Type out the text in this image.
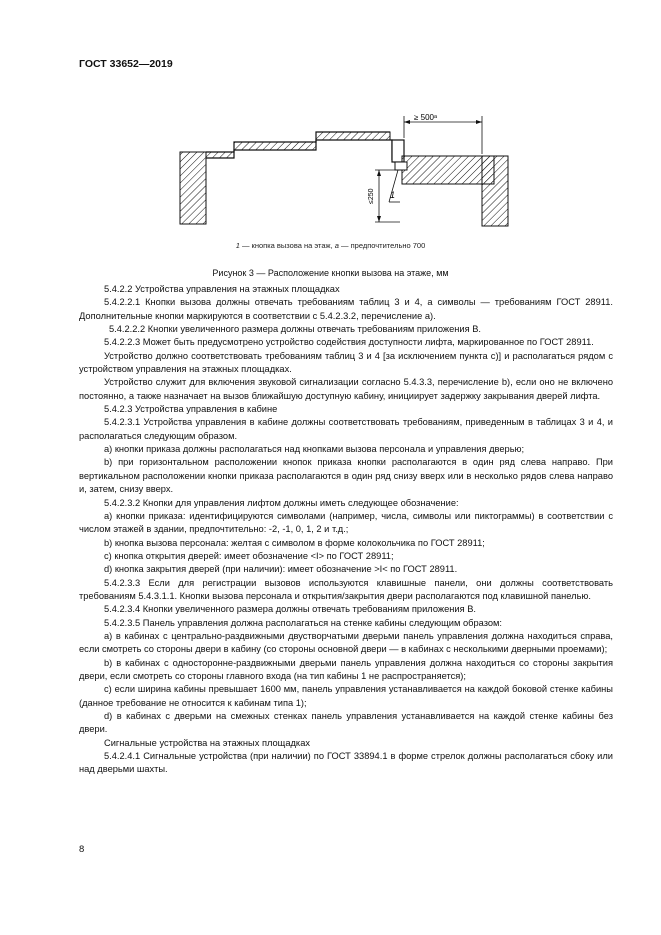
ГОСТ 33652—2019
≥ 500ᵃ
≤250 1
1 — кнопка вызова на этаж, a — предпочтительно 700
Рисунок 3 — Расположение кнопки вызова на этаже, мм

5.4.2.2 Устройства управления на этажных площадках

5.4.2.2.1 Кнопки вызова должны отвечать требованиям таблиц 3 и 4, а символы — требованиям ГОСТ 28911. Дополнительные кнопки маркируются в соответствии с 5.4.2.3.2, перечисление а).

5.4.2.2.2 Кнопки увеличенного размера должны отвечать требованиям приложения В.

5.4.2.2.3 Может быть предусмотрено устройство содействия доступности лифта, маркированное по ГОСТ 28911.

Устройство должно соответствовать требованиям таблиц 3 и 4 [за исключением пункта с)] и располагаться рядом с устройством управления на этажных площадках.

Устройство служит для включения звуковой сигнализации согласно 5.4.3.3, перечисление b), если оно не включено постоянно, а также назначает на вызов ближайшую доступную кабину, инициирует задержку закрывания дверей лифта.

5.4.2.3 Устройства управления в кабине

5.4.2.3.1 Устройства управления в кабине должны соответствовать требованиям, приведенным в таблицах 3 и 4, и располагаться следующим образом.

а) кнопки приказа должны располагаться над кнопками вызова персонала и управления дверью;

b) при горизонтальном расположении кнопок приказа кнопки располагаются в один ряд слева направо. При вертикальном расположении кнопки приказа располагаются в один ряд снизу вверх или в несколько рядов слева направо и, затем, снизу вверх.

5.4.2.3.2 Кнопки для управления лифтом должны иметь следующее обозначение:

а) кнопки приказа: идентифицируются символами (например, числа, символы или пиктограммы) в соответствии с числом этажей в здании, предпочтительно: -2, -1, 0, 1, 2 и т.д.;

b) кнопка вызова персонала: желтая с символом в форме колокольчика по ГОСТ 28911;

с) кнопка открытия дверей: имеет обозначение <I> по ГОСТ 28911;

d) кнопка закрытия дверей (при наличии): имеет обозначение >I< по ГОСТ 28911.

5.4.2.3.3 Если для регистрации вызовов используются клавишные панели, они должны соответствовать требованиям 5.4.3.1.1. Кнопки вызова персонала и открытия/закрытия двери располагаются под клавишной панелью.

5.4.2.3.4 Кнопки увеличенного размера должны отвечать требованиям приложения В.

5.4.2.3.5 Панель управления должна располагаться на стенке кабины следующим образом:

а) в кабинах с центрально-раздвижными двустворчатыми дверьми панель управления должна находиться справа, если смотреть со стороны двери в кабину (со стороны основной двери — в кабинах с несколькими дверными проемами);

b) в кабинах с односторонне-раздвижными дверьми панель управления должна находиться со стороны закрытия двери, если смотреть со стороны главного входа (на тип кабины 1 не распространяется);

с) если ширина кабины превышает 1600 мм, панель управления устанавливается на каждой боковой стенке кабины (данное требование не относится к кабинам типа 1);

d) в кабинах с дверьми на смежных стенках панель управления устанавливается на каждой стенке кабины без двери.

Сигнальные устройства на этажных площадках

5.4.2.4.1 Сигнальные устройства (при наличии) по ГОСТ 33894.1 в форме стрелок должны располагаться сбоку или над дверьми шахты.

8
